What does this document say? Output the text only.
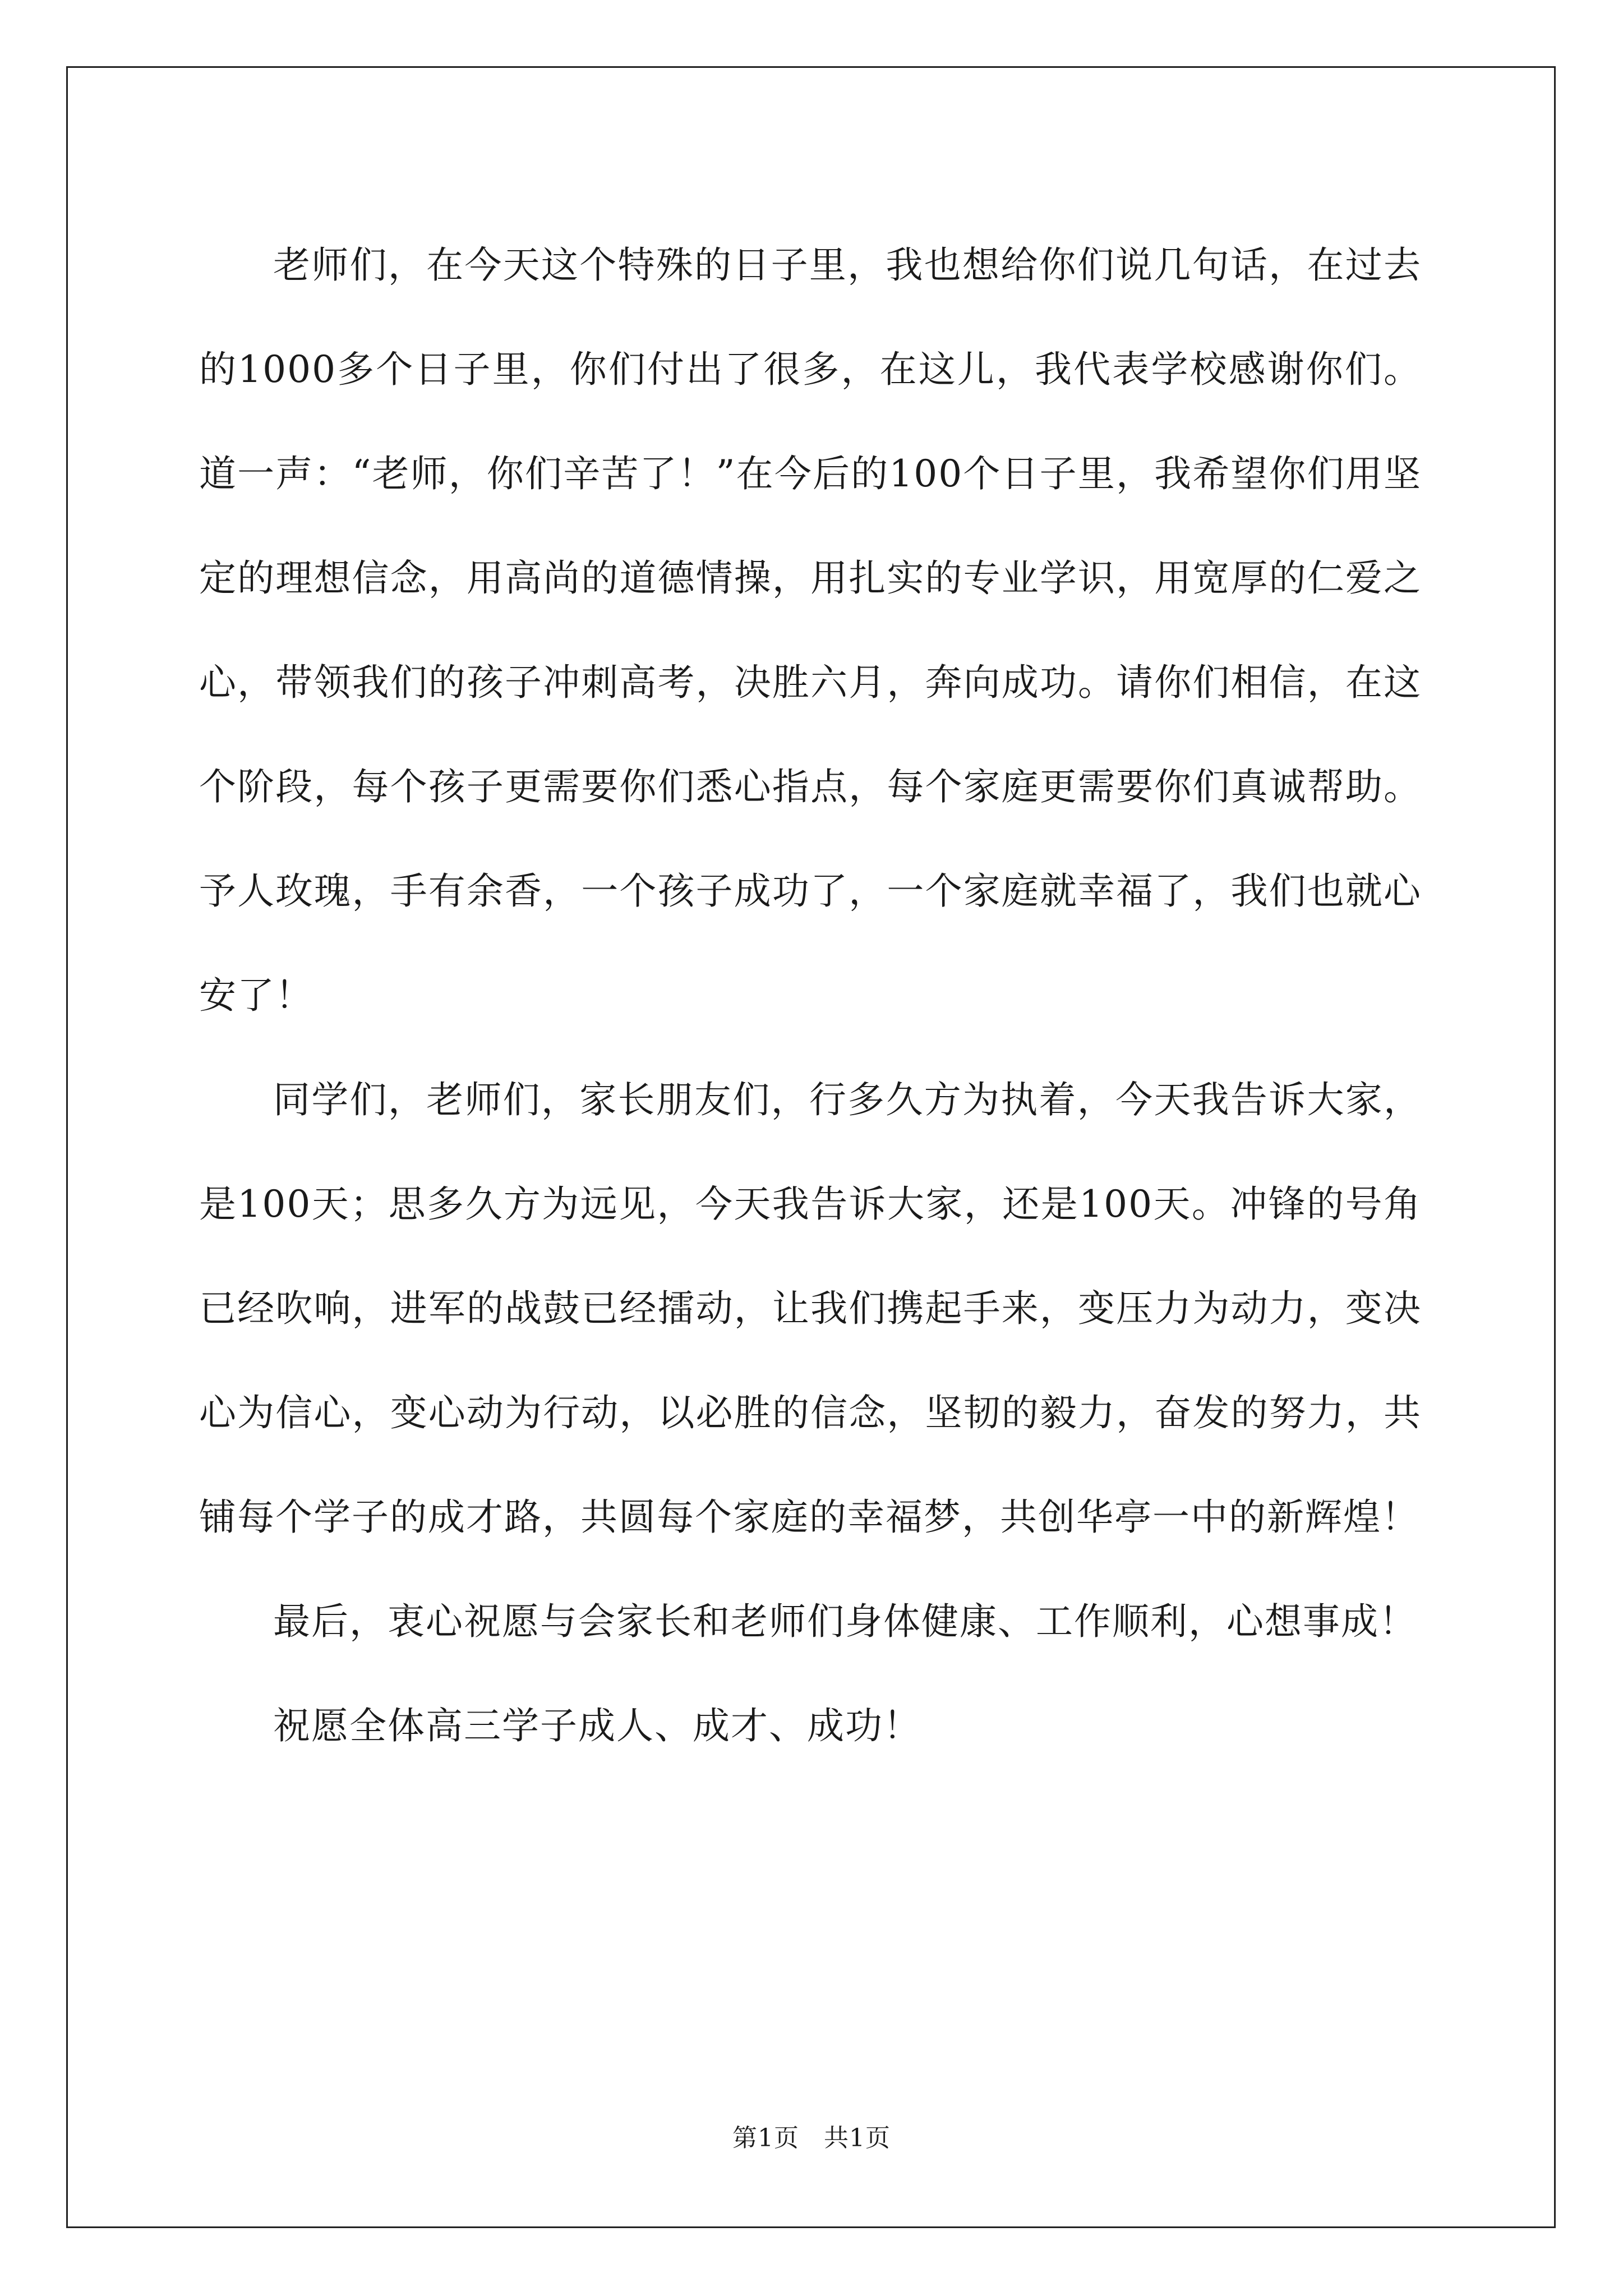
老师们，在今天这个特殊的日子里，我也想给你们说几句话，在过去的1000多个日子里，你们付出了很多，在这儿，我代表学校感谢你们。道一声：“老师，你们辛苦了！”在今后的100个日子里，我希望你们用坚定的理想信念，用高尚的道德情操，用扎实的专业学识，用宽厚的仁爱之心，带领我们的孩子冲刺高考，决胜六月，奔向成功。请你们相信，在这个阶段，每个孩子更需要你们悉心指点，每个家庭更需要你们真诚帮助。予人玫瑰，手有余香，一个孩子成功了，一个家庭就幸福了，我们也就心安了！

同学们，老师们，家长朋友们，行多久方为执着，今天我告诉大家，是100天；思多久方为远见，今天我告诉大家，还是100天。冲锋的号角已经吹响，进军的战鼓已经擂动，让我们携起手来，变压力为动力，变决心为信心，变心动为行动，以必胜的信念，坚韧的毅力，奋发的努力，共铺每个学子的成才路，共圆每个家庭的幸福梦，共创华亭一中的新辉煌！

最后，衷心祝愿与会家长和老师们身体健康、工作顺利，心想事成！

祝愿全体高三学子成人、成才、成功！

第1页 共1页
